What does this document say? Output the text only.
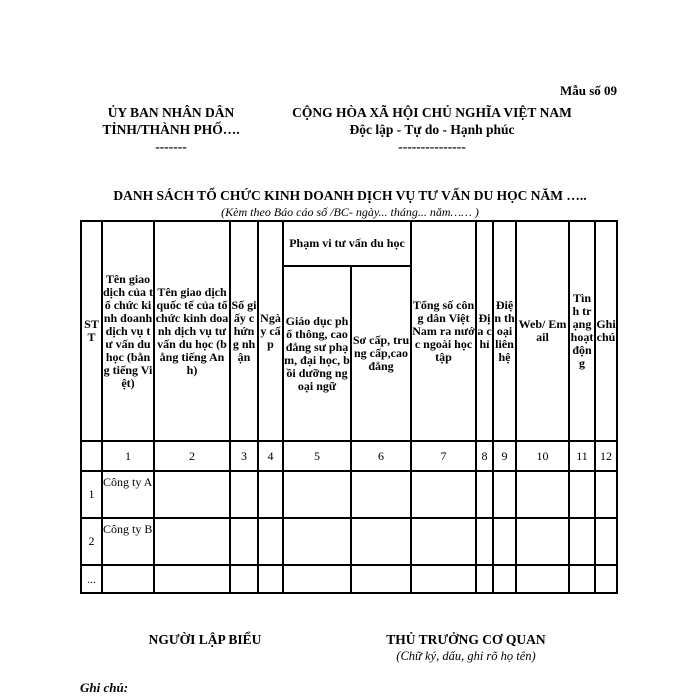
Mẫu số 09
ỦY BAN NHÂN DÂN
TỈNH/THÀNH PHỐ….
-------
CỘNG HÒA XÃ HỘI CHỦ NGHĨA VIỆT NAM
Độc lập - Tự do - Hạnh phúc
---------------
DANH SÁCH TỔ CHỨC KINH DOANH DỊCH VỤ TƯ VẤN DU HỌC NĂM …..
(Kèm theo Báo cáo số /BC- ngày... tháng... năm…… )
STT	Tên giao dịch của tổ chức kinh doanh dịch vụ tư vấn du học (bằng tiếng Việt)	Tên giao dịch quốc tế của tổ chức kinh doanh dịch vụ tư vấn du học (bằng tiếng Anh)	Số giấy chứng nhận	Ngày cấp	Phạm vi tư vấn du học		Tổng số công dân Việt Nam ra nước ngoài học tập	Địa chỉ	Điện thoại liên hệ	Web/ Email	Tình trạng hoạt động	Ghi chú
					Giáo dục phổ thông, cao đẳng sư phạm, đại học, bồi dưỡng ngoại ngữ	Sơ cấp, trung cấp,cao đẳng						
	1	2	3	4	5	6	7	8	9	10	11	12
1	Công ty A											
2	Công ty B											
...												
NGƯỜI LẬP BIỂU	THỦ TRƯỞNG CƠ QUAN
(Chữ ký, dấu, ghi rõ họ tên)
Ghi chú:
